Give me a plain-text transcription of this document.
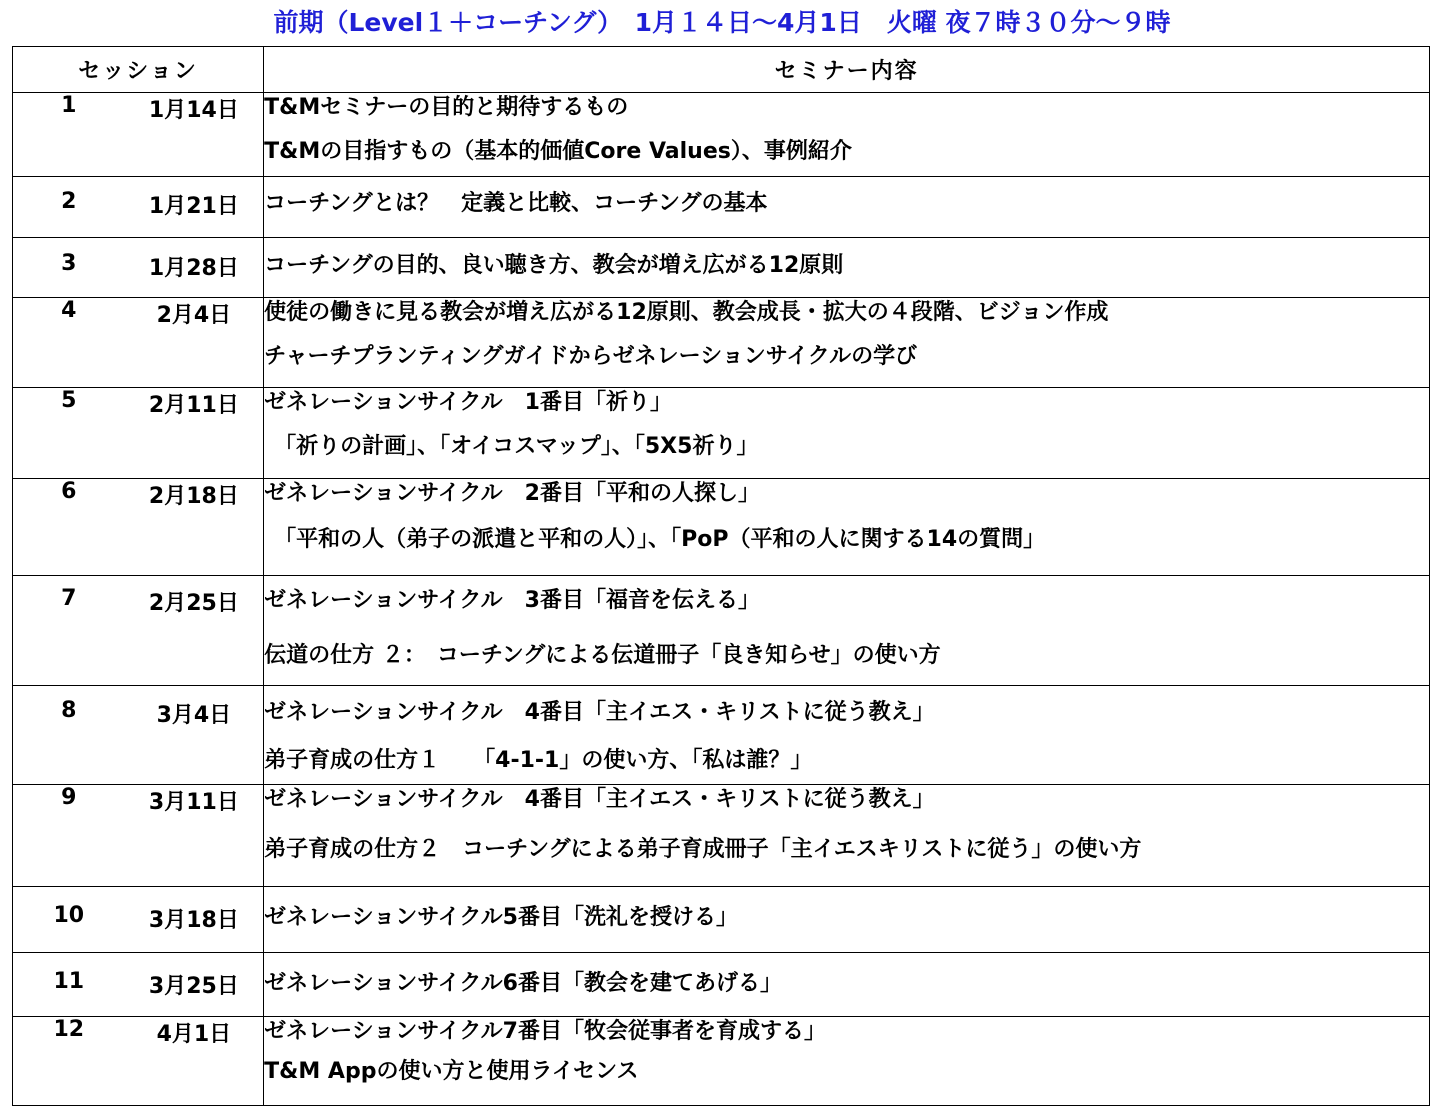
前期（Level１＋コーチング）　1月１４日～4月1日　火曜 夜７時３０分～９時
セッション		セミナー内容
1	1月14日	T&Mセミナーの目的と期待するもの
T&Mの目指すもの（基本的価値Core Values）、事例紹介

2	1月21日	コーチングとは？　定義と比較、コーチングの基本

3	1月28日	コーチングの目的、良い聴き方、教会が増え広がる12原則

4	2月4日	使徒の働きに見る教会が増え広がる12原則、教会成長・拡大の４段階、ビジョン作成
チャーチプランティングガイドからゼネレーションサイクルの学び

5	2月11日	ゼネレーションサイクル　1番目「祈り」
「祈りの計画」、「オイコスマップ」、「5X5祈り」

6	2月18日	ゼネレーションサイクル　2番目「平和の人探し」
「平和の人（弟子の派遣と平和の人）」、「PoP（平和の人に関する14の質問」

7	2月25日	ゼネレーションサイクル　3番目「福音を伝える」
伝道の仕方 ２：　コーチングによる伝道冊子「良き知らせ」の使い方

8	3月4日	ゼネレーションサイクル　4番目「主イエス・キリストに従う教え」
弟子育成の仕方１　　「4-1-1」の使い方、「私は誰？」

9	3月11日	ゼネレーションサイクル　4番目「主イエス・キリストに従う教え」
弟子育成の仕方２　コーチングによる弟子育成冊子「主イエスキリストに従う」の使い方

10	3月18日	ゼネレーションサイクル5番目「洗礼を授ける」

11	3月25日	ゼネレーションサイクル6番目「教会を建てあげる」

12	4月1日	ゼネレーションサイクル7番目「牧会従事者を育成する」
T&M Appの使い方と使用ライセンス
